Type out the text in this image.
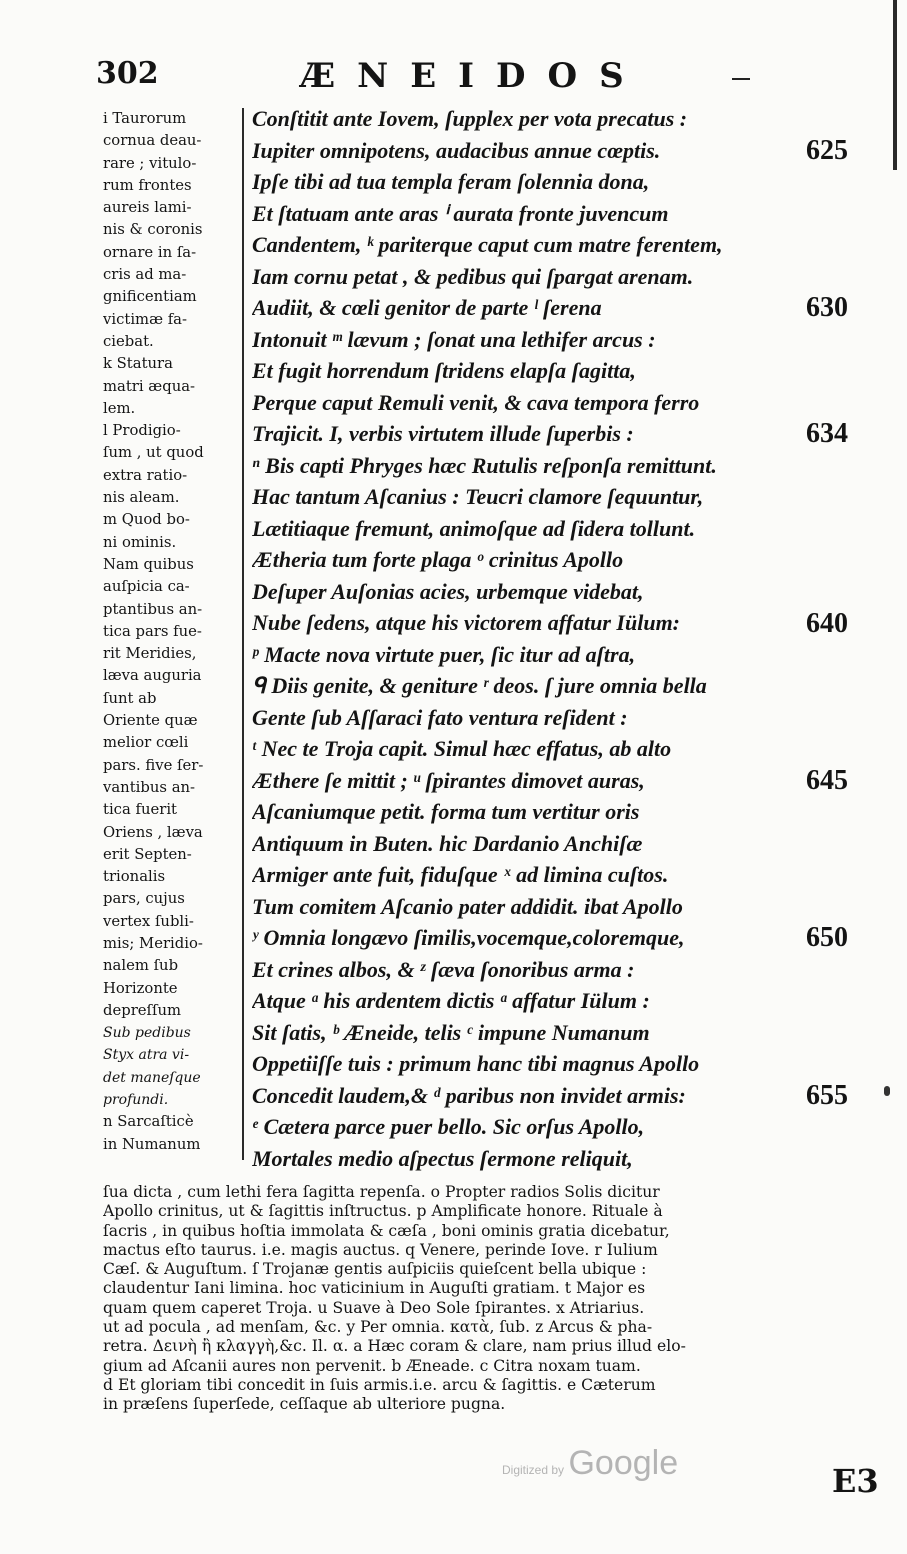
302	ÆNEIDOS
i Taurorum
cornua deau-
rare ; vitulo-
rum frontes
aureis lami-
nis & coronis
ornare in ſa-
cris ad ma-
gnificentiam
victimæ fa-
ciebat.
k Statura
matri æqua-
lem.
l Prodigio-
ſum , ut quod
extra ratio-
nis aleam.
m Quod bo-
ni ominis.
Nam quibus
auſpicia ca-
ptantibus an-
tica pars fue-
rit Meridies,
læva auguria
ſunt ab
Oriente quæ
melior cœli
pars. five ſer-
vantibus an-
tica fuerit
Oriens , læva
erit Septen-
trionalis
pars, cujus
vertex ſubli-
mis; Meridio-
nalem ſub
Horizonte
depreſſum
Sub pedibus
Styx atra vi-
det maneſque
profundi.
n Sarcaſticè
in Numanum
Conſtitit ante Iovem, ſupplex per vota precatus :
Iupiter omnipotens, audacibus annue cœptis.
Ipſe tibi ad tua templa feram ſolennia dona,
Et ſtatuam ante aras ⁱ aurata fronte juvencum
Candentem, ᵏ pariterque caput cum matre ferentem,
Iam cornu petat , & pedibus qui ſpargat arenam.
Audiit, & cœli genitor de parte ˡ ſerena
Intonuit ᵐ lævum ; ſonat una lethifer arcus :
Et fugit horrendum ſtridens elapſa ſagitta,
Perque caput Remuli venit, & cava tempora ferro
Trajicit. I, verbis virtutem illude ſuperbis :
ⁿ Bis capti Phryges hæc Rutulis reſponſa remittunt.
Hac tantum Aſcanius : Teucri clamore ſequuntur,
Lætitiaque fremunt, animoſque ad ſidera tollunt.
Ætheria tum forte plaga ᵒ crinitus Apollo
Deſuper Auſonias acies, urbemque videbat,
Nube ſedens, atque his victorem affatur Iülum:
ᵖ Macte nova virtute puer, ſic itur ad aſtra,
ᑫ Diis genite, & geniture ʳ deos. ſ jure omnia bella
Gente ſub Aſſaraci fato ventura reſident :
ᵗ Nec te Troja capit. Simul hæc effatus, ab alto
Æthere ſe mittit ; ᵘ ſpirantes dimovet auras,
Aſcaniumque petit. forma tum vertitur oris
Antiquum in Buten. hic Dardanio Anchiſæ
Armiger ante fuit, fiduſque ˣ ad limina cuſtos.
Tum comitem Aſcanio pater addidit. ibat Apollo
ʸ Omnia longævo ſimilis,vocemque,coloremque,
Et crines albos, & ᶻ ſæva ſonoribus arma :
Atque ᵃ his ardentem dictis ᵃ affatur Iülum :
Sit ſatis, ᵇ Æneide, telis ᶜ impune Numanum
Oppetiiſſe tuis : primum hanc tibi magnus Apollo
Concedit laudem,& ᵈ paribus non invidet armis:
ᵉ Cætera parce puer bello. Sic orſus Apollo,
Mortales medio aſpectus ſermone reliquit,
625
630
634
640
645
650
655
ſua dicta , cum lethi fera ſagitta repenſa. o Propter radios Solis dicitur
Apollo crinitus, ut & ſagittis inſtructus. p Amplificate honore. Rituale à
ſacris , in quibus hoſtia immolata & cæſa , boni ominis gratia dicebatur,
mactus eſto taurus. i.e. magis auctus. q Venere, perinde Iove. r Iulium
Cæſ. & Auguſtum. ſ Trojanæ gentis auſpiciis quieſcent bella ubique :
claudentur Iani limina. hoc vaticinium in Auguſti gratiam. t Major es
quam quem caperet Troja. u Suave à Deo Sole ſpirantes. x Atriarius.
ut ad pocula , ad menſam, &c. y Per omnia. κατὰ, ſub. z Arcus & pha-
retra. Δεινὴ ἢ κλαγγὴ,&c. Il. α. a Hæc coram & clare, nam prius illud elo-
gium ad Aſcanii aures non pervenit. b Æneade. c Citra noxam tuam.
d Et gloriam tibi concedit in ſuis armis.i.e. arcu & ſagittis. e Cæterum
in præſens ſuperſede, ceſſaque ab ulteriore pugna.
Digitized by Google	E3
